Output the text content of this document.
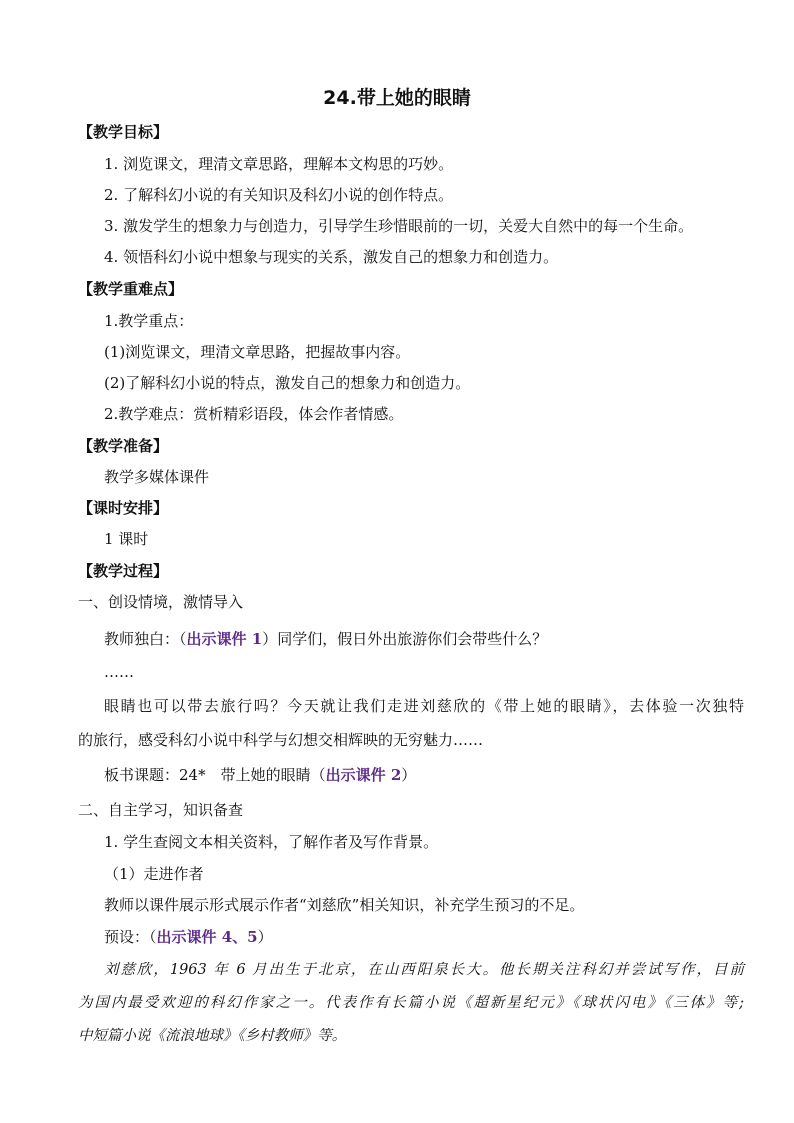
24.带上她的眼睛
【教学目标】
1. 浏览课文，理清文章思路，理解本文构思的巧妙。
2. 了解科幻小说的有关知识及科幻小说的创作特点。
3. 激发学生的想象力与创造力，引导学生珍惜眼前的一切，关爱大自然中的每一个生命。
4. 领悟科幻小说中想象与现实的关系，激发自己的想象力和创造力。
【教学重难点】
1.教学重点：
(1)浏览课文，理清文章思路，把握故事内容。
(2)了解科幻小说的特点，激发自己的想象力和创造力。
2.教学难点：赏析精彩语段，体会作者情感。
【教学准备】
教学多媒体课件
【课时安排】
1 课时
【教学过程】
一、创设情境，激情导入
教师独白：（出示课件 1）同学们，假日外出旅游你们会带些什么？
……
眼睛也可以带去旅行吗？今天就让我们走进刘慈欣的《带上她的眼睛》，去体验一次独特
的旅行，感受科幻小说中科学与幻想交相辉映的无穷魅力……
板书课题：24*　带上她的眼睛（出示课件 2）
二、自主学习，知识备查
1. 学生查阅文本相关资料，了解作者及写作背景。
（1）走进作者
教师以课件展示形式展示作者“刘慈欣”相关知识，补充学生预习的不足。
预设：（出示课件 4、5）
刘慈欣，1963 年 6 月出生于北京，在山西阳泉长大。他长期关注科幻并尝试写作，目前
为国内最受欢迎的科幻作家之一。代表作有长篇小说《超新星纪元》《球状闪电》《三体》等;
中短篇小说《流浪地球》《乡村教师》等。
